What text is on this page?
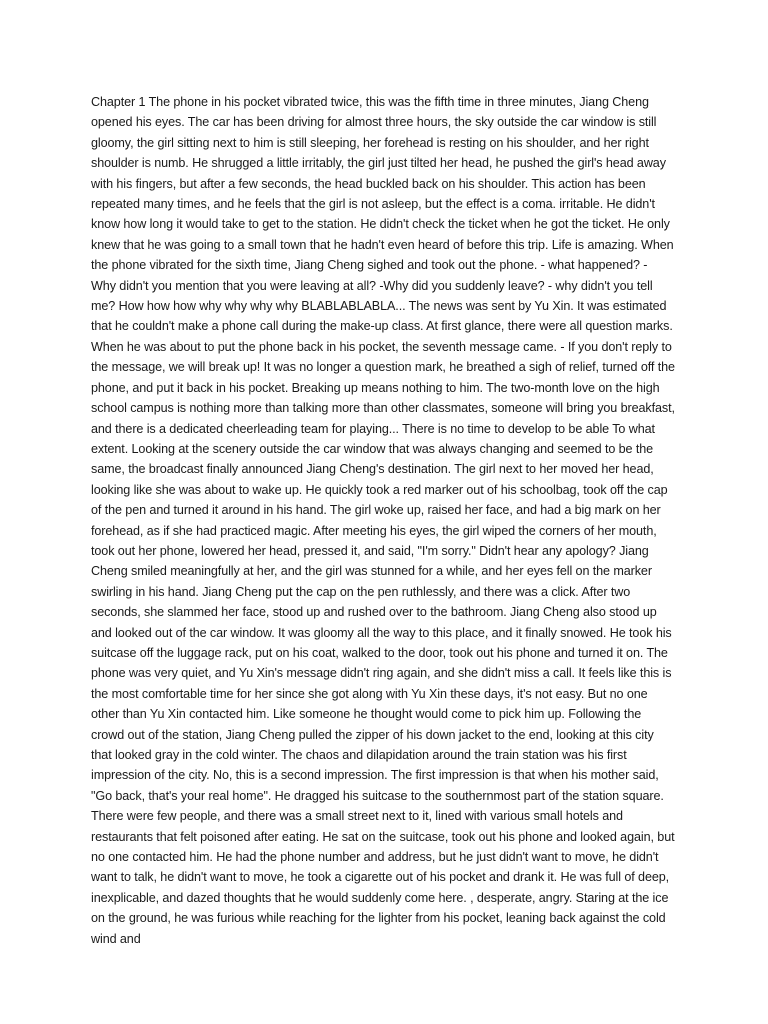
Chapter 1 The phone in his pocket vibrated twice, this was the fifth time in three minutes, Jiang Cheng opened his eyes. The car has been driving for almost three hours, the sky outside the car window is still gloomy, the girl sitting next to him is still sleeping, her forehead is resting on his shoulder, and her right shoulder is numb. He shrugged a little irritably, the girl just tilted her head, he pushed the girl's head away with his fingers, but after a few seconds, the head buckled back on his shoulder. This action has been repeated many times, and he feels that the girl is not asleep, but the effect is a coma. irritable. He didn't know how long it would take to get to the station. He didn't check the ticket when he got the ticket. He only knew that he was going to a small town that he hadn't even heard of before this trip. Life is amazing. When the phone vibrated for the sixth time, Jiang Cheng sighed and took out the phone. - what happened? - Why didn't you mention that you were leaving at all? -Why did you suddenly leave? - why didn't you tell me? How how how why why why why BLABLABLABLA... The news was sent by Yu Xin. It was estimated that he couldn't make a phone call during the make-up class. At first glance, there were all question marks. When he was about to put the phone back in his pocket, the seventh message came. - If you don't reply to the message, we will break up! It was no longer a question mark, he breathed a sigh of relief, turned off the phone, and put it back in his pocket. Breaking up means nothing to him. The two-month love on the high school campus is nothing more than talking more than other classmates, someone will bring you breakfast, and there is a dedicated cheerleading team for playing... There is no time to develop to be able To what extent. Looking at the scenery outside the car window that was always changing and seemed to be the same, the broadcast finally announced Jiang Cheng's destination. The girl next to her moved her head, looking like she was about to wake up. He quickly took a red marker out of his schoolbag, took off the cap of the pen and turned it around in his hand. The girl woke up, raised her face, and had a big mark on her forehead, as if she had practiced magic. After meeting his eyes, the girl wiped the corners of her mouth, took out her phone, lowered her head, pressed it, and said, "I'm sorry." Didn't hear any apology? Jiang Cheng smiled meaningfully at her, and the girl was stunned for a while, and her eyes fell on the marker swirling in his hand. Jiang Cheng put the cap on the pen ruthlessly, and there was a click. After two seconds, she slammed her face, stood up and rushed over to the bathroom. Jiang Cheng also stood up and looked out of the car window. It was gloomy all the way to this place, and it finally snowed. He took his suitcase off the luggage rack, put on his coat, walked to the door, took out his phone and turned it on. The phone was very quiet, and Yu Xin's message didn't ring again, and she didn't miss a call. It feels like this is the most comfortable time for her since she got along with Yu Xin these days, it's not easy. But no one other than Yu Xin contacted him. Like someone he thought would come to pick him up. Following the crowd out of the station, Jiang Cheng pulled the zipper of his down jacket to the end, looking at this city that looked gray in the cold winter. The chaos and dilapidation around the train station was his first impression of the city. No, this is a second impression. The first impression is that when his mother said, "Go back, that's your real home". He dragged his suitcase to the southernmost part of the station square. There were few people, and there was a small street next to it, lined with various small hotels and restaurants that felt poisoned after eating. He sat on the suitcase, took out his phone and looked again, but no one contacted him. He had the phone number and address, but he just didn't want to move, he didn't want to talk, he didn't want to move, he took a cigarette out of his pocket and drank it. He was full of deep, inexplicable, and dazed thoughts that he would suddenly come here. , desperate, angry. Staring at the ice on the ground, he was furious while reaching for the lighter from his pocket, leaning back against the cold wind and
